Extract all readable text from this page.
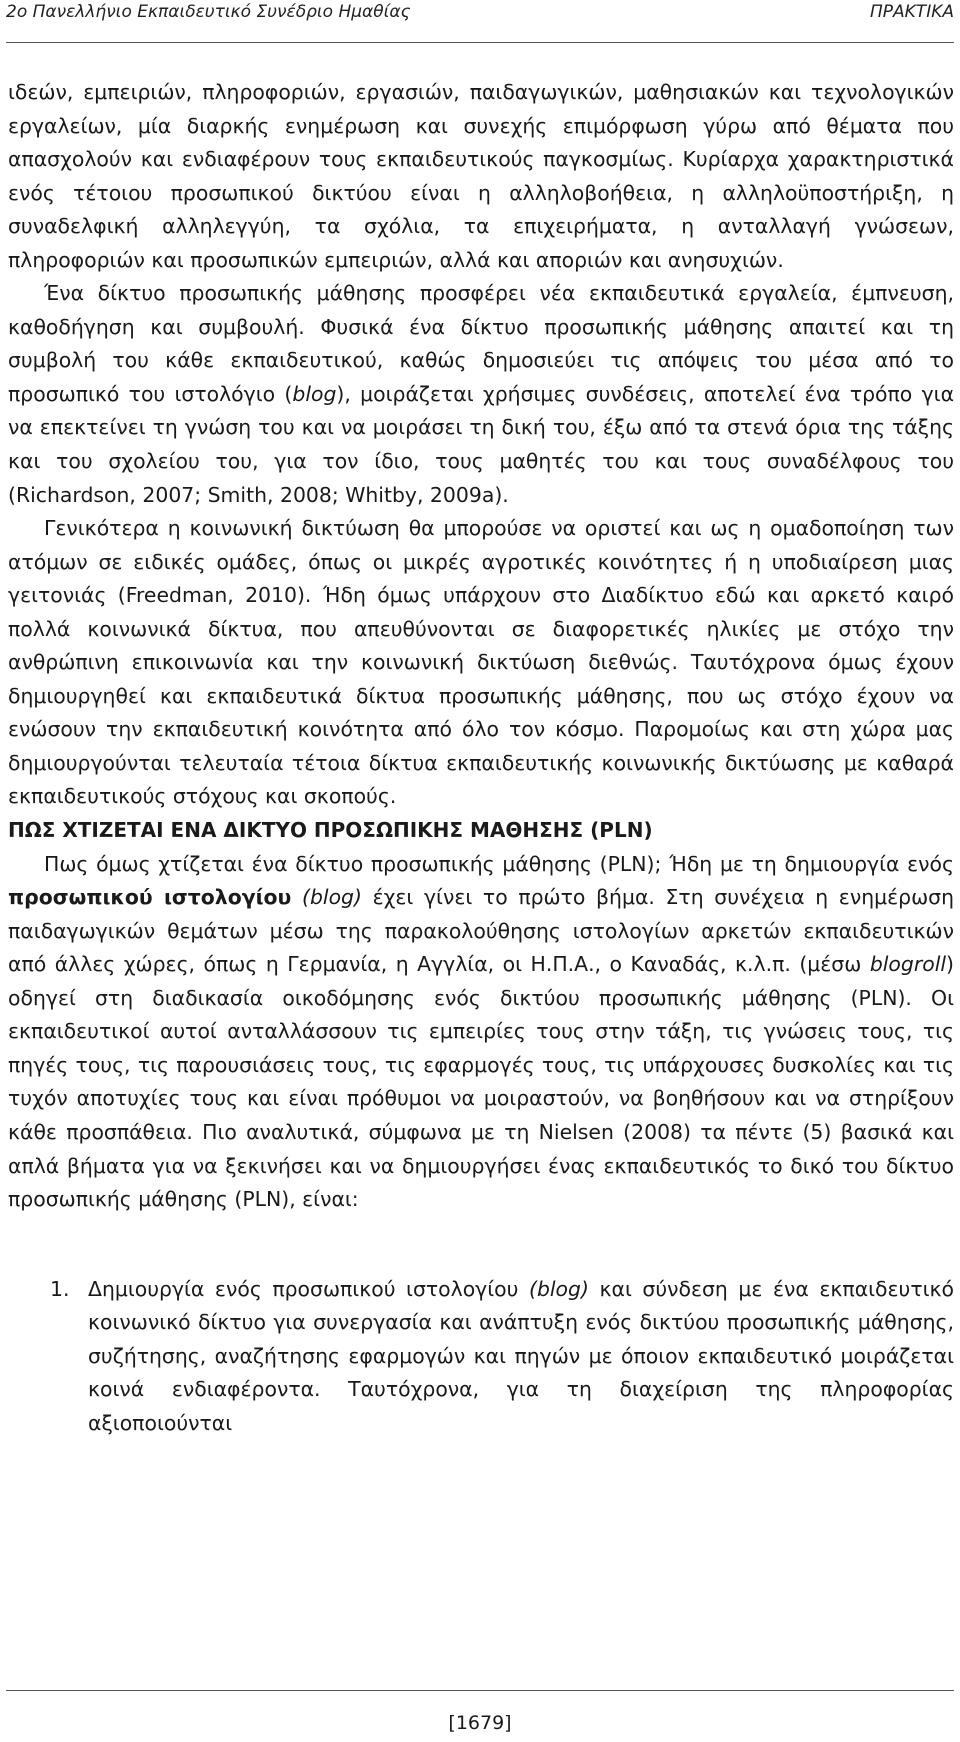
2ο Πανελλήνιο Εκπαιδευτικό Συνέδριο Ημαθίας	ΠΡΑΚΤΙΚΑ

ιδεών, εμπειριών, πληροφοριών, εργασιών, παιδαγωγικών, μαθησιακών και τεχνολογικών εργαλείων, μία διαρκής ενημέρωση και συνεχής επιμόρφωση γύρω από θέματα που απασχολούν και ενδιαφέρουν τους εκπαιδευτικούς παγκοσμίως. Κυρίαρχα χαρακτηριστικά ενός τέτοιου προσωπικού δικτύου είναι η αλληλοβοήθεια, η αλληλοϋποστήριξη, η συναδελφική αλληλεγγύη, τα σχόλια, τα επιχειρήματα, η ανταλλαγή γνώσεων, πληροφοριών και προσωπικών εμπειριών, αλλά και αποριών και ανησυχιών.

Ένα δίκτυο προσωπικής μάθησης προσφέρει νέα εκπαιδευτικά εργαλεία, έμπνευση, καθοδήγηση και συμβουλή. Φυσικά ένα δίκτυο προσωπικής μάθησης απαιτεί και τη συμβολή του κάθε εκπαιδευτικού, καθώς δημοσιεύει τις απόψεις του μέσα από το προσωπικό του ιστολόγιο (blog), μοιράζεται χρήσιμες συνδέσεις, αποτελεί ένα τρόπο για να επεκτείνει τη γνώση του και να μοιράσει τη δική του, έξω από τα στενά όρια της τάξης και του σχολείου του, για τον ίδιο, τους μαθητές του και τους συναδέλφους του (Richardson, 2007; Smith, 2008; Whitby, 2009a).

Γενικότερα η κοινωνική δικτύωση θα μπορούσε να οριστεί και ως η ομαδοποίηση των ατόμων σε ειδικές ομάδες, όπως οι μικρές αγροτικές κοινότητες ή η υποδιαίρεση μιας γειτονιάς (Freedman, 2010). Ήδη όμως υπάρχουν στο Διαδίκτυο εδώ και αρκετό καιρό πολλά κοινωνικά δίκτυα, που απευθύνονται σε διαφορετικές ηλικίες με στόχο την ανθρώπινη επικοινωνία και την κοινωνική δικτύωση διεθνώς. Ταυτόχρονα όμως έχουν δημιουργηθεί και εκπαιδευτικά δίκτυα προσωπικής μάθησης, που ως στόχο έχουν να ενώσουν την εκπαιδευτική κοινότητα από όλο τον κόσμο. Παρομοίως και στη χώρα μας δημιουργούνται τελευταία τέτοια δίκτυα εκπαιδευτικής κοινωνικής δικτύωσης με καθαρά εκπαιδευτικούς στόχους και σκοπούς.

ΠΩΣ ΧΤΙΖΕΤΑΙ ΕΝΑ ΔΙΚΤΥΟ ΠΡΟΣΩΠΙΚΗΣ ΜΑΘΗΣΗΣ (PLN)

Πως όμως χτίζεται ένα δίκτυο προσωπικής μάθησης (PLN); Ήδη με τη δημιουργία ενός προσωπικού ιστολογίου (blog) έχει γίνει το πρώτο βήμα. Στη συνέχεια η ενημέρωση παιδαγωγικών θεμάτων μέσω της παρακολούθησης ιστολογίων αρκετών εκπαιδευτικών από άλλες χώρες, όπως η Γερμανία, η Αγγλία, οι Η.Π.Α., ο Καναδάς, κ.λ.π. (μέσω blogroll) οδηγεί στη διαδικασία οικοδόμησης ενός δικτύου προσωπικής μάθησης (PLN). Οι εκπαιδευτικοί αυτοί ανταλλάσσουν τις εμπειρίες τους στην τάξη, τις γνώσεις τους, τις πηγές τους, τις παρουσιάσεις τους, τις εφαρμογές τους, τις υπάρχουσες δυσκολίες και τις τυχόν αποτυχίες τους και είναι πρόθυμοι να μοιραστούν, να βοηθήσουν και να στηρίξουν κάθε προσπάθεια. Πιο αναλυτικά, σύμφωνα με τη Nielsen (2008) τα πέντε (5) βασικά και απλά βήματα για να ξεκινήσει και να δημιουργήσει ένας εκπαιδευτικός το δικό του δίκτυο προσωπικής μάθησης (PLN), είναι:

1. Δημιουργία ενός προσωπικού ιστολογίου (blog) και σύνδεση με ένα εκπαιδευτικό κοινωνικό δίκτυο για συνεργασία και ανάπτυξη ενός δικτύου προσωπικής μάθησης, συζήτησης, αναζήτησης εφαρμογών και πηγών με όποιον εκπαιδευτικό μοιράζεται κοινά ενδιαφέροντα. Ταυτόχρονα, για τη διαχείριση της πληροφορίας αξιοποιούνται
[1679]
